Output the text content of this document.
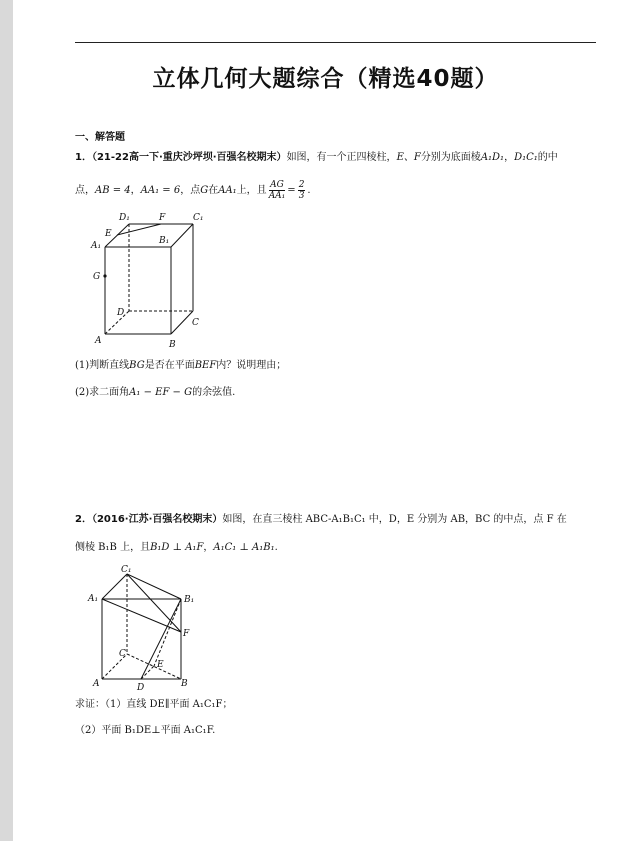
立体几何大题综合（精选40题）
一、解答题
1．（21-22高一下·重庆沙坪坝·百强名校期末）如图，有一个正四棱柱，E、F分别为底面棱A₁D₁，D₁C₁的中
点，AB = 4，AA₁ = 6，点G在AA₁上，且 $\frac{AG}{\text{AA₁}} = \frac{2}{3}$ .
D₁	F	C₁
E
A₁	B₁
G
D
C
A	B
(1)判断直线BG是否在平面BEF内？说明理由；
(2)求二面角A₁ − EF − G的余弦值.
2．（2016·江苏·百强名校期末）如图，在直三棱柱 ABC-A₁B₁C₁ 中，D，E 分别为 AB，BC 的中点，点 F 在
侧棱 B₁B 上，且B₁D ⊥ A₁F，A₁C₁ ⊥ A₁B₁.
C₁
A₁	B₁
F
C
E
A	D	B
求证：（1）直线 DE∥平面 A₁C₁F；
（2）平面 B₁DE⊥平面 A₁C₁F.
